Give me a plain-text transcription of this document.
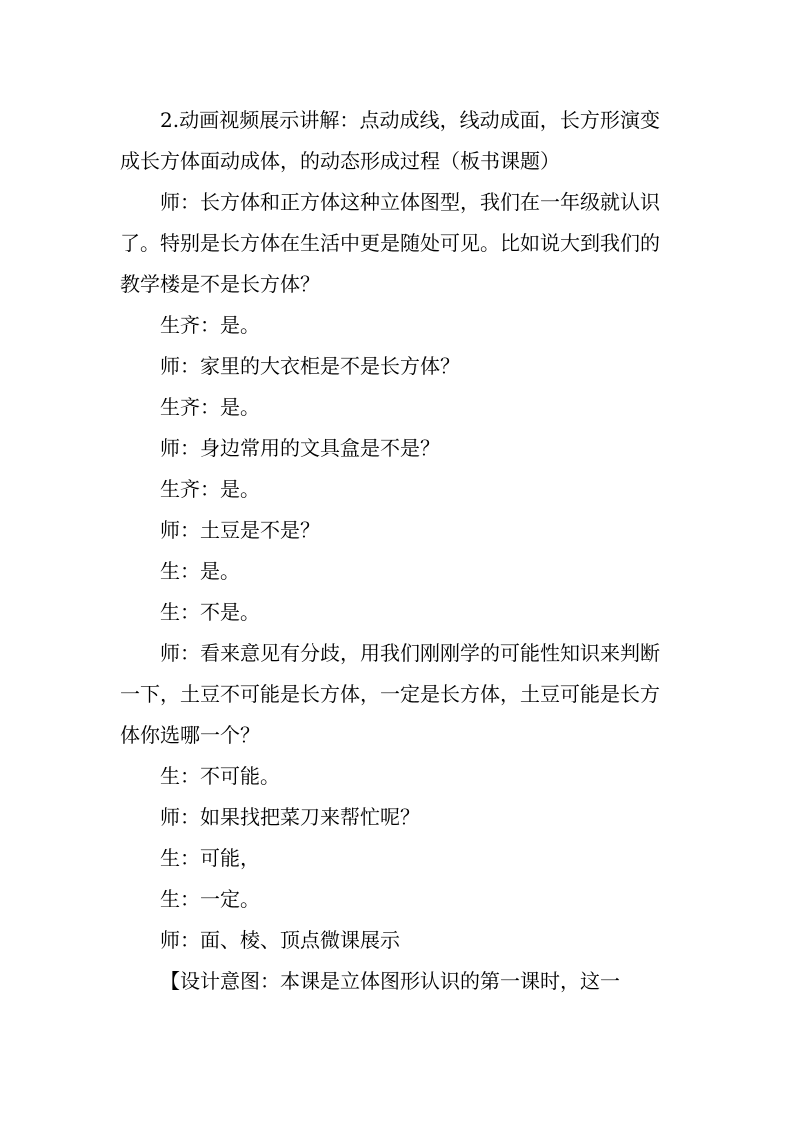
2.动画视频展示讲解：点动成线，线动成面，长方形演变成长方体面动成体，的动态形成过程（板书课题）

师：长方体和正方体这种立体图型，我们在一年级就认识了。特别是长方体在生活中更是随处可见。比如说大到我们的教学楼是不是长方体？

生齐：是。

师：家里的大衣柜是不是长方体？

生齐：是。

师：身边常用的文具盒是不是？

生齐：是。

师：土豆是不是？

生：是。

生：不是。

师：看来意见有分歧，用我们刚刚学的可能性知识来判断一下，土豆不可能是长方体，一定是长方体，土豆可能是长方体你选哪一个？

生：不可能。

师：如果找把菜刀来帮忙呢？

生：可能，

生：一定。

师：面、棱、顶点微课展示

【设计意图：本课是立体图形认识的第一课时，这一
